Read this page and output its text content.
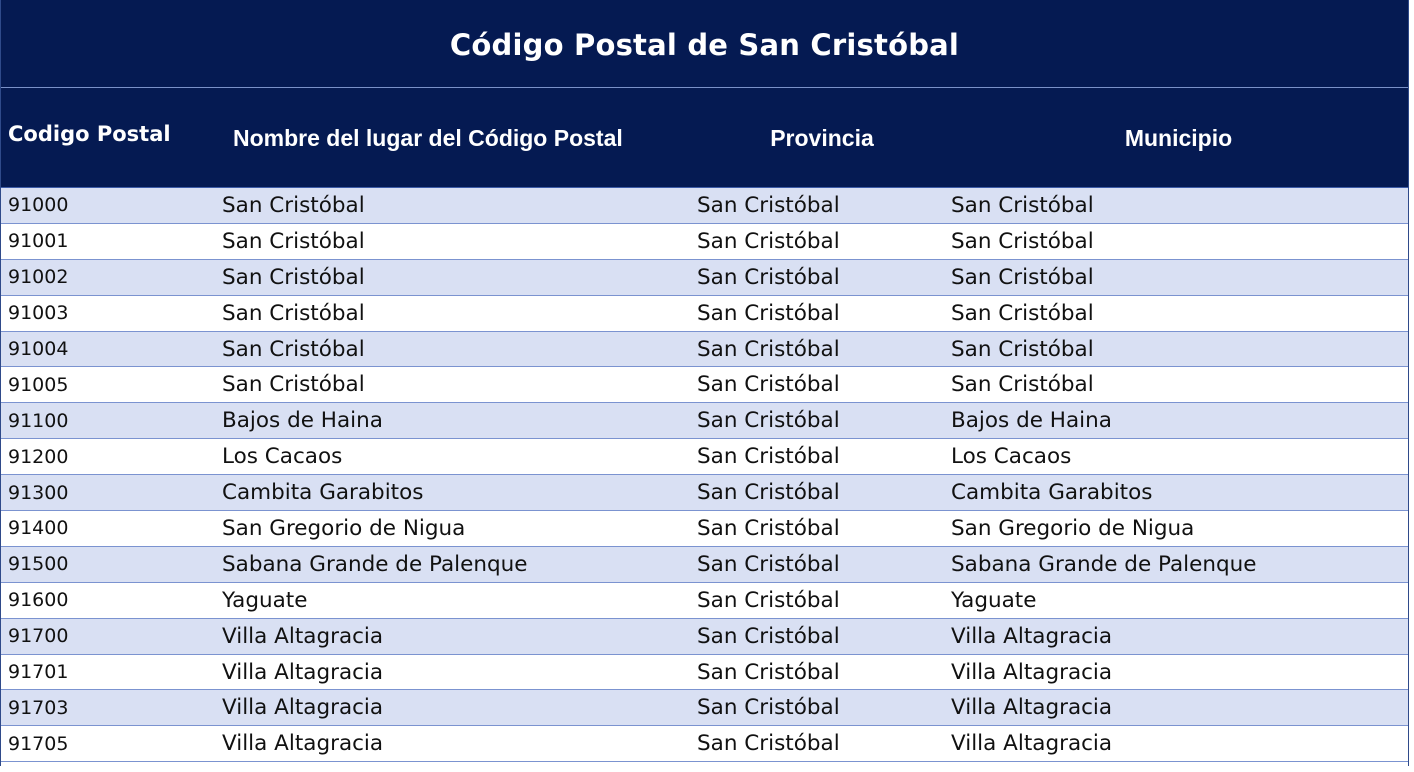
Código Postal de San Cristóbal
Codigo Postal	Nombre del lugar del Código Postal	Provincia	Municipio
91000	San Cristóbal	San Cristóbal	San Cristóbal
91001	San Cristóbal	San Cristóbal	San Cristóbal
91002	San Cristóbal	San Cristóbal	San Cristóbal
91003	San Cristóbal	San Cristóbal	San Cristóbal
91004	San Cristóbal	San Cristóbal	San Cristóbal
91005	San Cristóbal	San Cristóbal	San Cristóbal
91100	Bajos de Haina	San Cristóbal	Bajos de Haina
91200	Los Cacaos	San Cristóbal	Los Cacaos
91300	Cambita Garabitos	San Cristóbal	Cambita Garabitos
91400	San Gregorio de Nigua	San Cristóbal	San Gregorio de Nigua
91500	Sabana Grande de Palenque	San Cristóbal	Sabana Grande de Palenque
91600	Yaguate	San Cristóbal	Yaguate
91700	Villa Altagracia	San Cristóbal	Villa Altagracia
91701	Villa Altagracia	San Cristóbal	Villa Altagracia
91703	Villa Altagracia	San Cristóbal	Villa Altagracia
91705	Villa Altagracia	San Cristóbal	Villa Altagracia
